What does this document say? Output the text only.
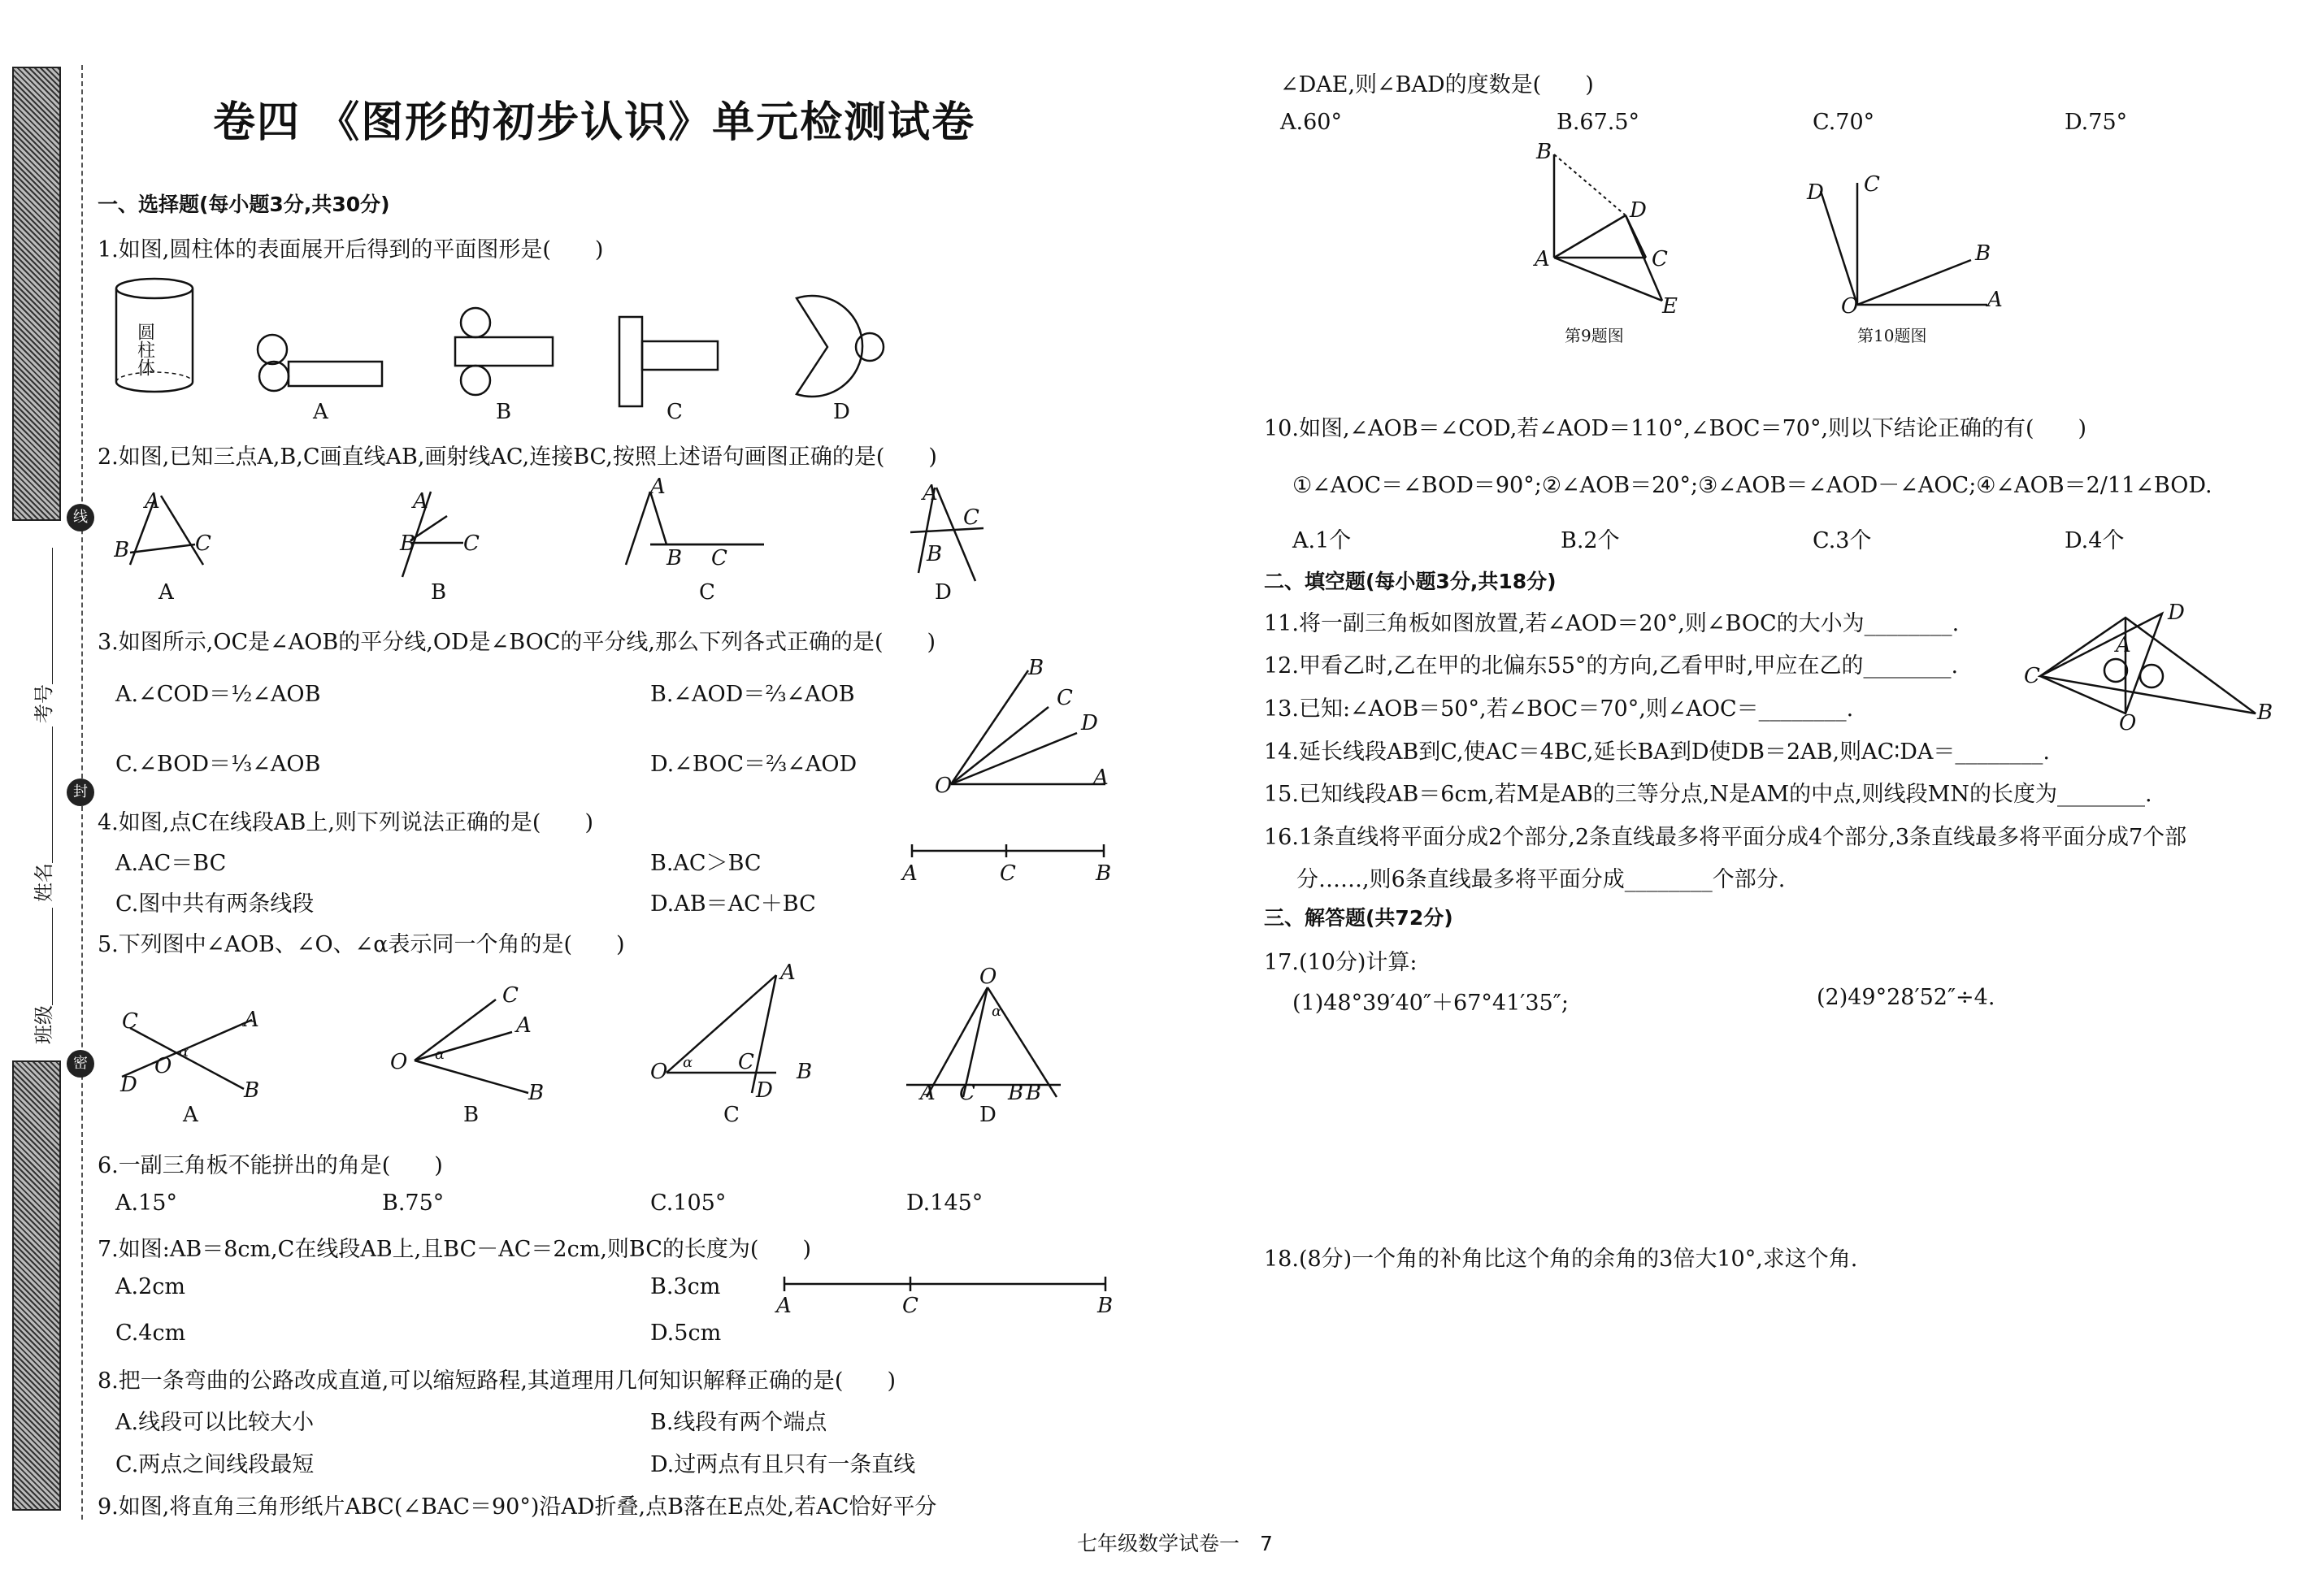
考号＿＿＿＿＿＿＿
姓名＿＿＿＿＿＿＿
班级＿＿＿＿＿
线
封
密
卷四 《图形的初步认识》单元检测试卷
一、选择题(每小题3分,共30分)
1.如图,圆柱体的表面展开后得到的平面图形是(　　)
圆柱体
A	B	C	D
2.如图,已知三点A,B,C画直线AB,画射线AC,连接BC,按照上述语句画图正确的是(　　)
A
B	C
A
A
B C
B
A
B C
C
A
B
C
D
3.如图所示,OC是∠AOB的平分线,OD是∠BOC的平分线,那么下列各式正确的是(　　)
A.∠COD＝½∠AOB	B.∠AOD＝⅔∠AOB
C.∠BOD＝⅓∠AOB	D.∠BOC＝⅔∠AOD
O	A
B
C
D
4.如图,点C在线段AB上,则下列说法正确的是(　　)
A.AC＝BC	B.AC＞BC
C.图中共有两条线段	D.AB＝AC＋BC
A	C	B
5.下列图中∠AOB、∠O、∠α表示同一个角的是(　　)
C	A
D	B
O
α
A
O
C
A
B
α
B
O
A
C
D
B
α
C
O
α
A C B B
D
6.一副三角板不能拼出的角是(　　)
A.15°	B.75°	C.105°	D.145°
7.如图:AB＝8cm,C在线段AB上,且BC－AC＝2cm,则BC的长度为(　　)
A.2cm	B.3cm
C.4cm	D.5cm
A	C	B
8.把一条弯曲的公路改成直道,可以缩短路程,其道理用几何知识解释正确的是(　　)
A.线段可以比较大小	B.线段有两个端点
C.两点之间线段最短	D.过两点有且只有一条直线
9.如图,将直角三角形纸片ABC(∠BAC＝90°)沿AD折叠,点B落在E点处,若AC恰好平分
∠DAE,则∠BAD的度数是(　　)
A.60°	B.67.5°	C.70°	D.75°
B
A
D
C
E
第9题图
O	A
B
C
D
第10题图
10.如图,∠AOB＝∠COD,若∠AOD＝110°,∠BOC＝70°,则以下结论正确的有(　　)
①∠AOC＝∠BOD＝90°;②∠AOB＝20°;③∠AOB＝∠AOD－∠AOC;④∠AOB＝2/11∠BOD.
A.1个	B.2个	C.3个	D.4个
二、填空题(每小题3分,共18分)
11.将一副三角板如图放置,若∠AOD＝20°,则∠BOC的大小为________.
12.甲看乙时,乙在甲的北偏东55°的方向,乙看甲时,甲应在乙的________.
13.已知:∠AOB＝50°,若∠BOC＝70°,则∠AOC＝________.
14.延长线段AB到C,使AC＝4BC,延长BA到D使DB＝2AB,则AC∶DA＝________.
15.已知线段AB＝6cm,若M是AB的三等分点,N是AM的中点,则线段MN的长度为________.
16.1条直线将平面分成2个部分,2条直线最多将平面分成4个部分,3条直线最多将平面分成7个部
分……,则6条直线最多将平面分成________个部分.
C
A
D
O	B
三、解答题(共72分)
17.(10分)计算:
(1)48°39′40″＋67°41′35″;	(2)49°28′52″÷4.
18.(8分)一个角的补角比这个角的余角的3倍大10°,求这个角.
七年级数学试卷一　7
